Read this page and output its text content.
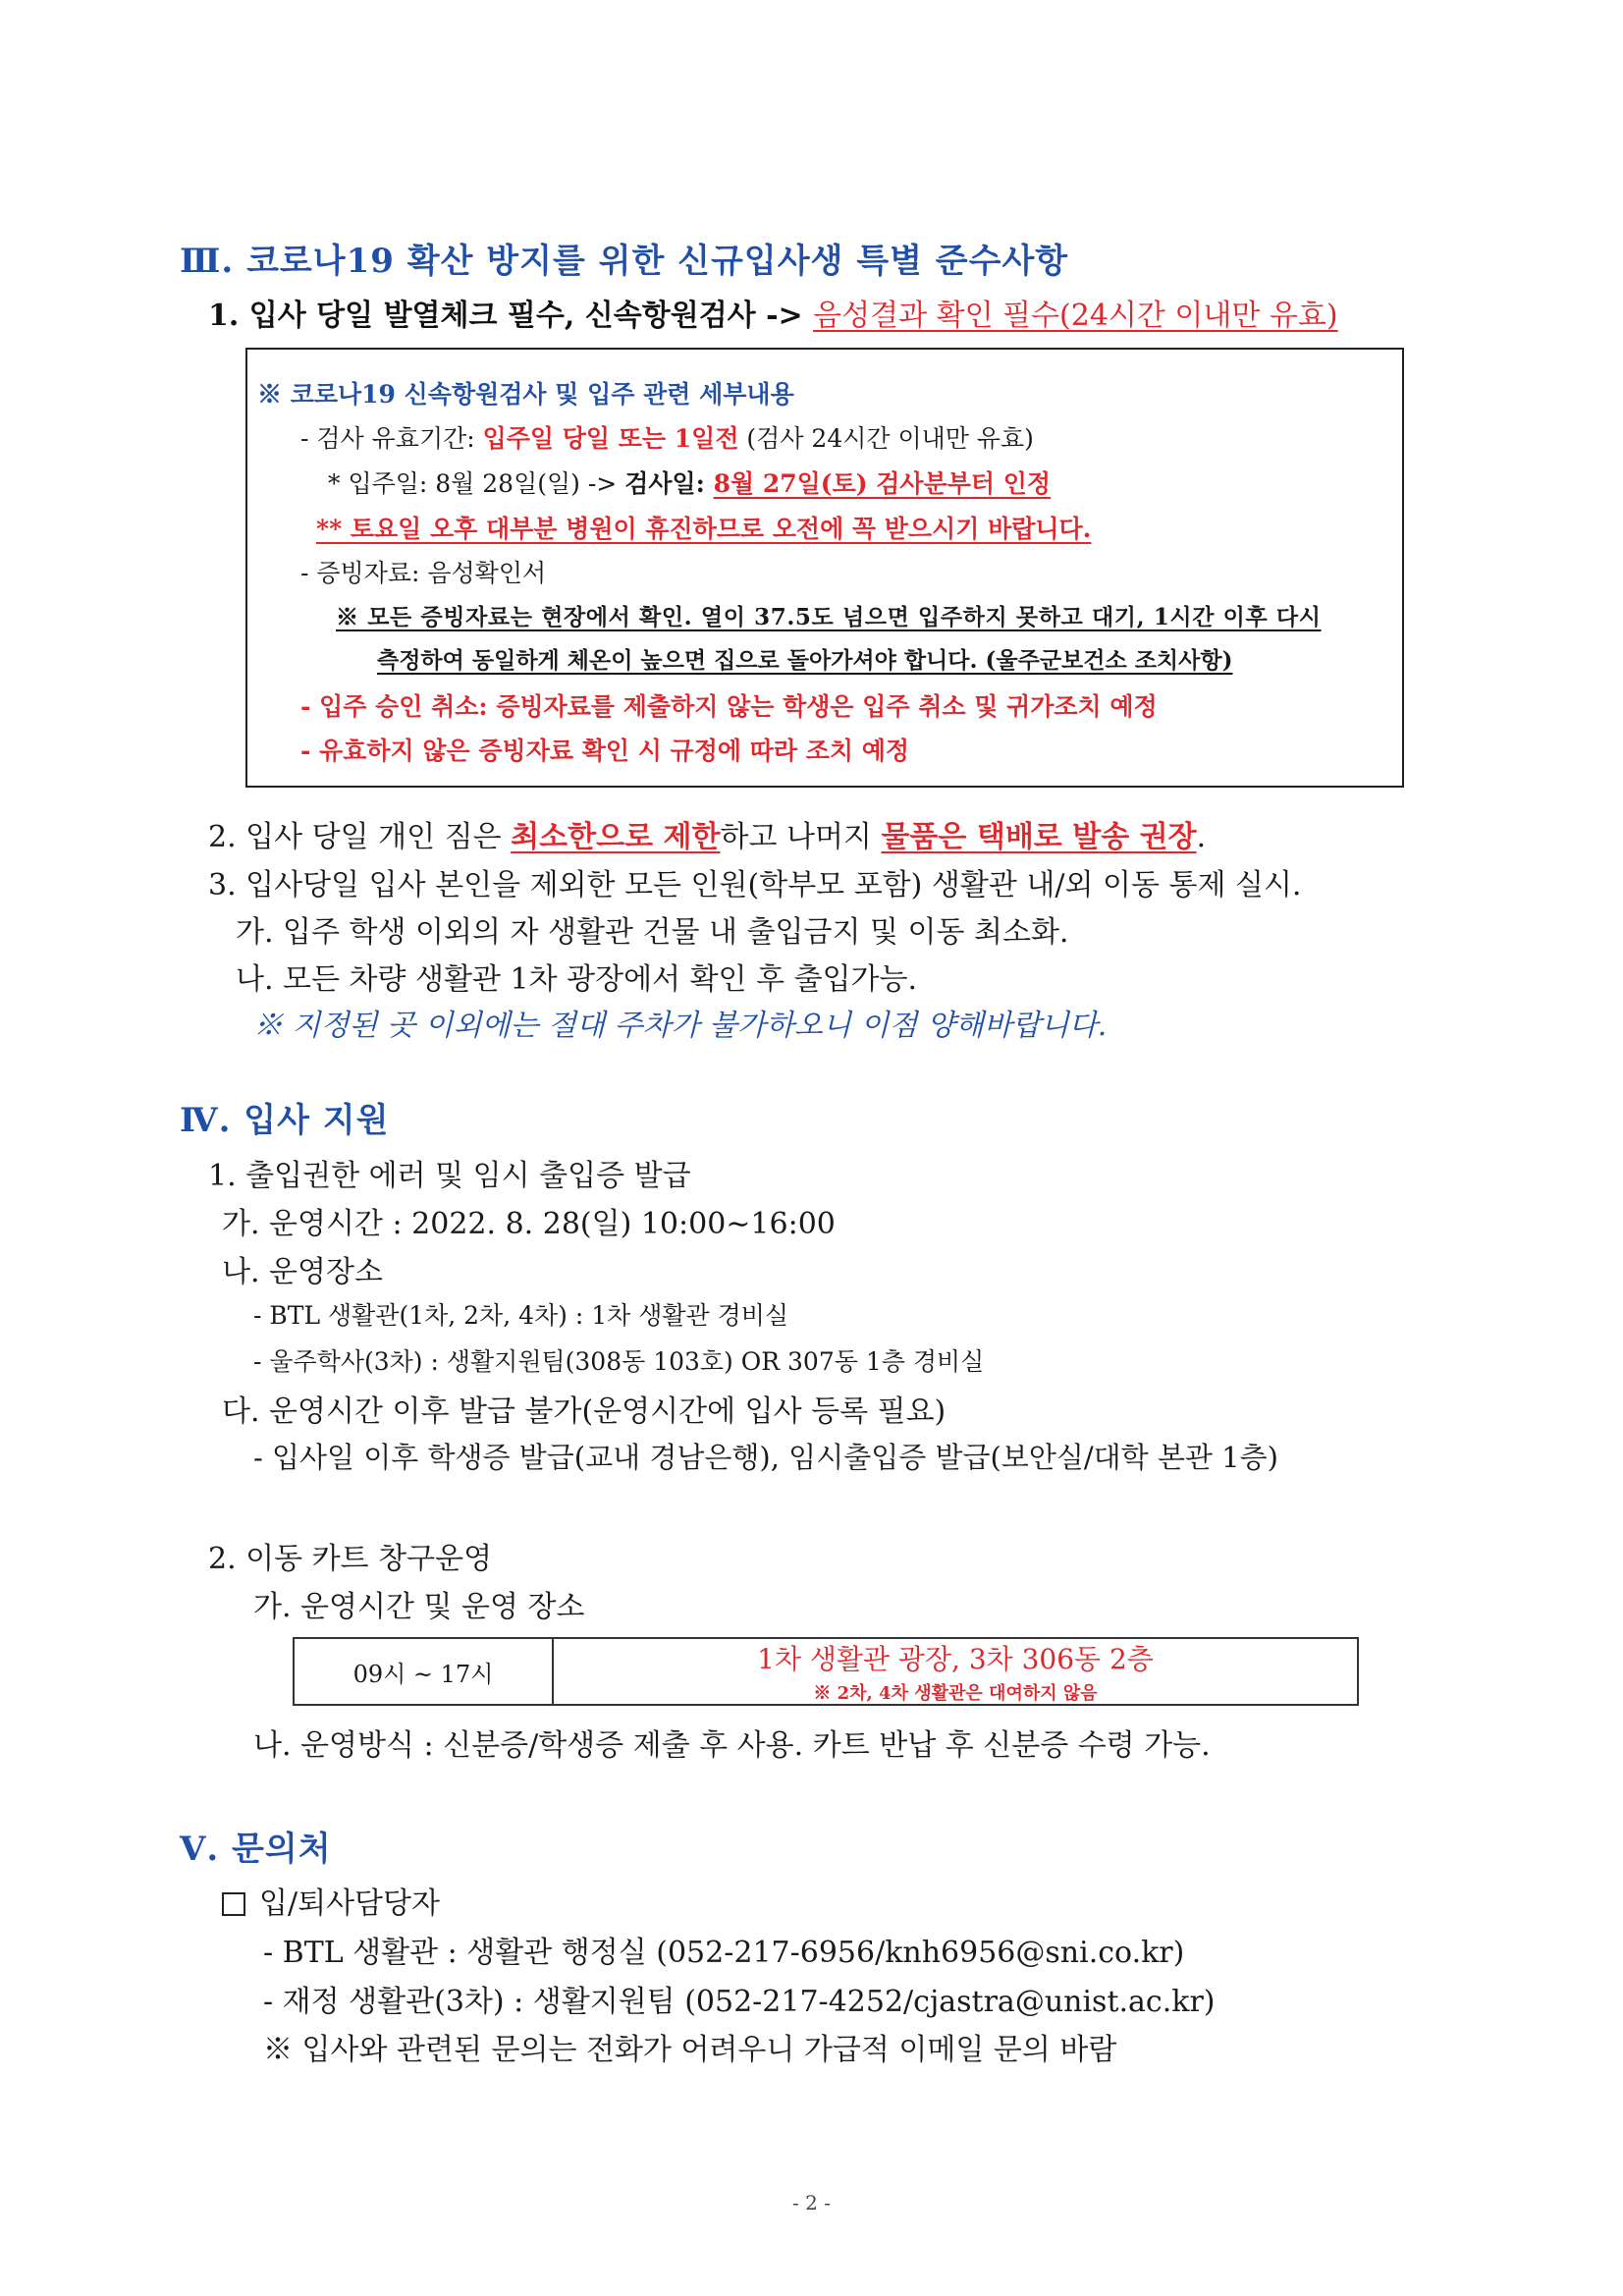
Ⅲ. 코로나19 확산 방지를 위한 신규입사생 특별 준수사항
1. 입사 당일 발열체크 필수, 신속항원검사 -> 음성결과 확인 필수(24시간 이내만 유효)
※ 코로나19 신속항원검사 및 입주 관련 세부내용
- 검사 유효기간: 입주일 당일 또는 1일전 (검사 24시간 이내만 유효)
* 입주일: 8월 28일(일) -> 검사일: 8월 27일(토) 검사분부터 인정
** 토요일 오후 대부분 병원이 휴진하므로 오전에 꼭 받으시기 바랍니다.
- 증빙자료: 음성확인서
※ 모든 증빙자료는 현장에서 확인. 열이 37.5도 넘으면 입주하지 못하고 대기, 1시간 이후 다시
측정하여 동일하게 체온이 높으면 집으로 돌아가셔야 합니다. (울주군보건소 조치사항)
- 입주 승인 취소: 증빙자료를 제출하지 않는 학생은 입주 취소 및 귀가조치 예정
- 유효하지 않은 증빙자료 확인 시 규정에 따라 조치 예정
2. 입사 당일 개인 짐은 최소한으로 제한하고 나머지 물품은 택배로 발송 권장.
3. 입사당일 입사 본인을 제외한 모든 인원(학부모 포함) 생활관 내/외 이동 통제 실시.
가. 입주 학생 이외의 자 생활관 건물 내 출입금지 및 이동 최소화.
나. 모든 차량 생활관 1차 광장에서 확인 후 출입가능.
※ 지정된 곳 이외에는 절대 주차가 불가하오니 이점 양해바랍니다.
Ⅳ. 입사 지원
1. 출입권한 에러 및 임시 출입증 발급
가. 운영시간 : 2022. 8. 28(일) 10:00∼16:00
나. 운영장소
- BTL 생활관(1차, 2차, 4차) : 1차 생활관 경비실
- 울주학사(3차) : 생활지원팀(308동 103호) OR 307동 1층 경비실
다. 운영시간 이후 발급 불가(운영시간에 입사 등록 필요)
- 입사일 이후 학생증 발급(교내 경남은행), 임시출입증 발급(보안실/대학 본관 1층)
2. 이동 카트 창구운영
가. 운영시간 및 운영 장소
09시 ~ 17시	1차 생활관 광장, 3차 306동 2층
※ 2차, 4차 생활관은 대여하지 않음
나. 운영방식 : 신분증/학생증 제출 후 사용. 카트 반납 후 신분증 수령 가능.
Ⅴ. 문의처
입/퇴사담당자
- BTL 생활관 : 생활관 행정실 (052-217-6956/knh6956@sni.co.kr)
- 재정 생활관(3차) : 생활지원팀 (052-217-4252/cjastra@unist.ac.kr)
※ 입사와 관련된 문의는 전화가 어려우니 가급적 이메일 문의 바람
- 2 -
